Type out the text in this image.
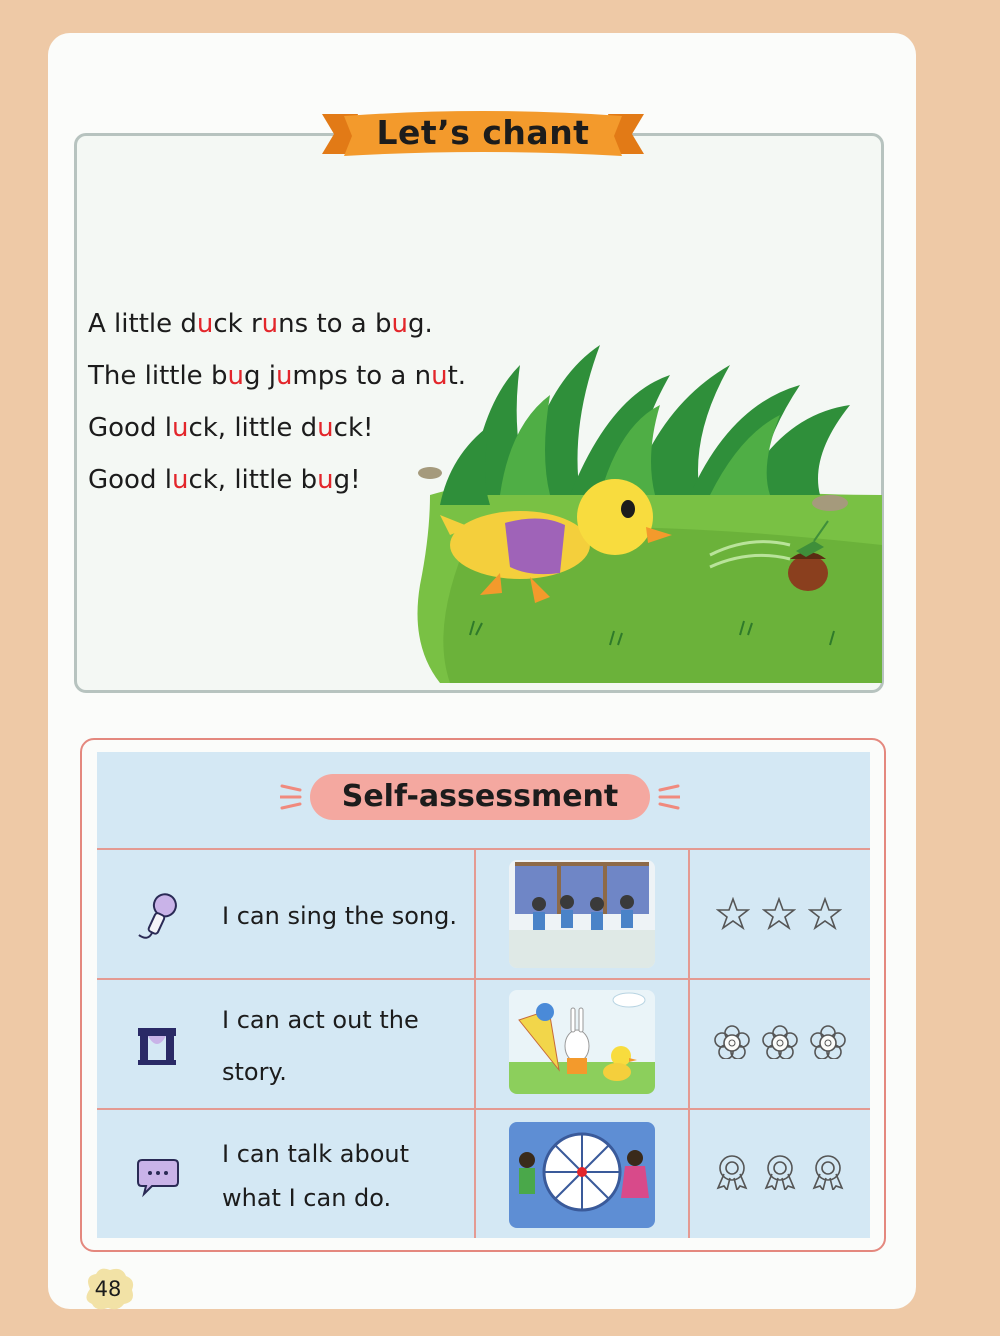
Let’s chant
A little duck runs to a bug.
The little bug jumps to a nut.
Good luck, little duck!
Good luck, little bug!
Self-assessment
I can sing the song.
I can act out the
story.
I can talk about
what I can do.
48
